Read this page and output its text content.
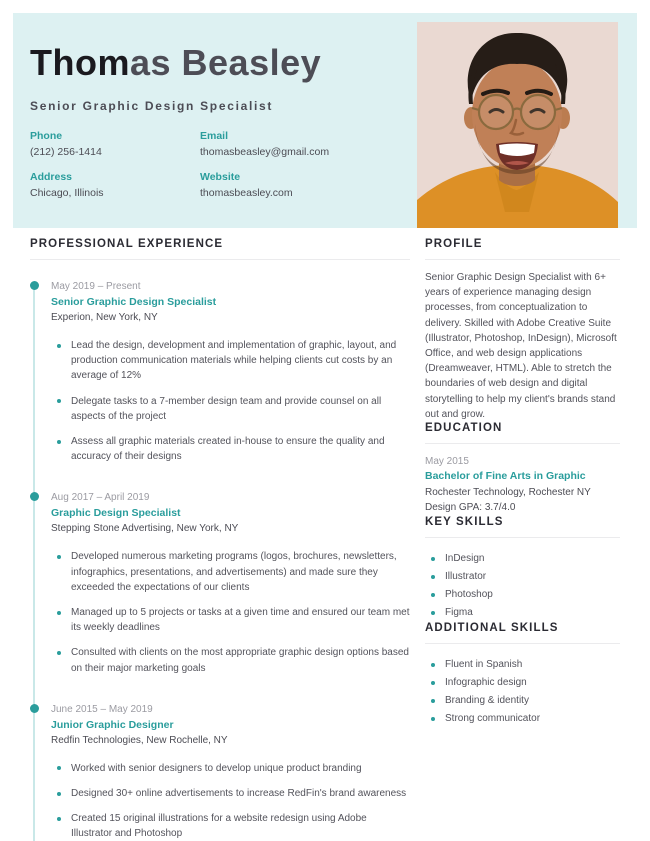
Thomas Beasley
Senior Graphic Design Specialist
Phone
(212) 256-1414
Email
thomasbeasley@gmail.com
Address
Chicago, Illinois
Website
thomasbeasley.com
PROFESSIONAL EXPERIENCE
May 2019 – Present
Senior Graphic Design Specialist
Experion, New York, NY
Lead the design, development and implementation of graphic, layout, and production communication materials while helping clients cut costs by an average of 12%
Delegate tasks to a 7-member design team and provide counsel on all aspects of the project
Assess all graphic materials created in-house to ensure the quality and accuracy of their designs
Aug 2017 – April 2019
Graphic Design Specialist
Stepping Stone Advertising, New York, NY
Developed numerous marketing programs (logos, brochures, newsletters, infographics, presentations, and advertisements) and made sure they exceeded the expectations of our clients
Managed up to 5 projects or tasks at a given time and ensured our team met its weekly deadlines
Consulted with clients on the most appropriate graphic design options based on their major marketing goals
June 2015 – May 2019
Junior Graphic Designer
Redfin Technologies, New Rochelle, NY
Worked with senior designers to develop unique product branding
Designed 30+ online advertisements to increase RedFin's brand awareness
Created 15 original illustrations for a website redesign using Adobe Illustrator and Photoshop
PROFILE
Senior Graphic Design Specialist with 6+ years of experience managing design processes, from conceptualization to delivery. Skilled with Adobe Creative Suite (Illustrator, Photoshop, InDesign), Microsoft Office, and web design applications (Dreamweaver, HTML). Able to stretch the boundaries of web design and digital storytelling to help my client's brands stand out and grow.
EDUCATION
May 2015
Bachelor of Fine Arts in Graphic
Rochester Technology, Rochester NY
Design GPA: 3.7/4.0
KEY SKILLS
InDesign
Illustrator
Photoshop
Figma
ADDITIONAL SKILLS
Fluent in Spanish
Infographic design
Branding & identity
Strong communicator
